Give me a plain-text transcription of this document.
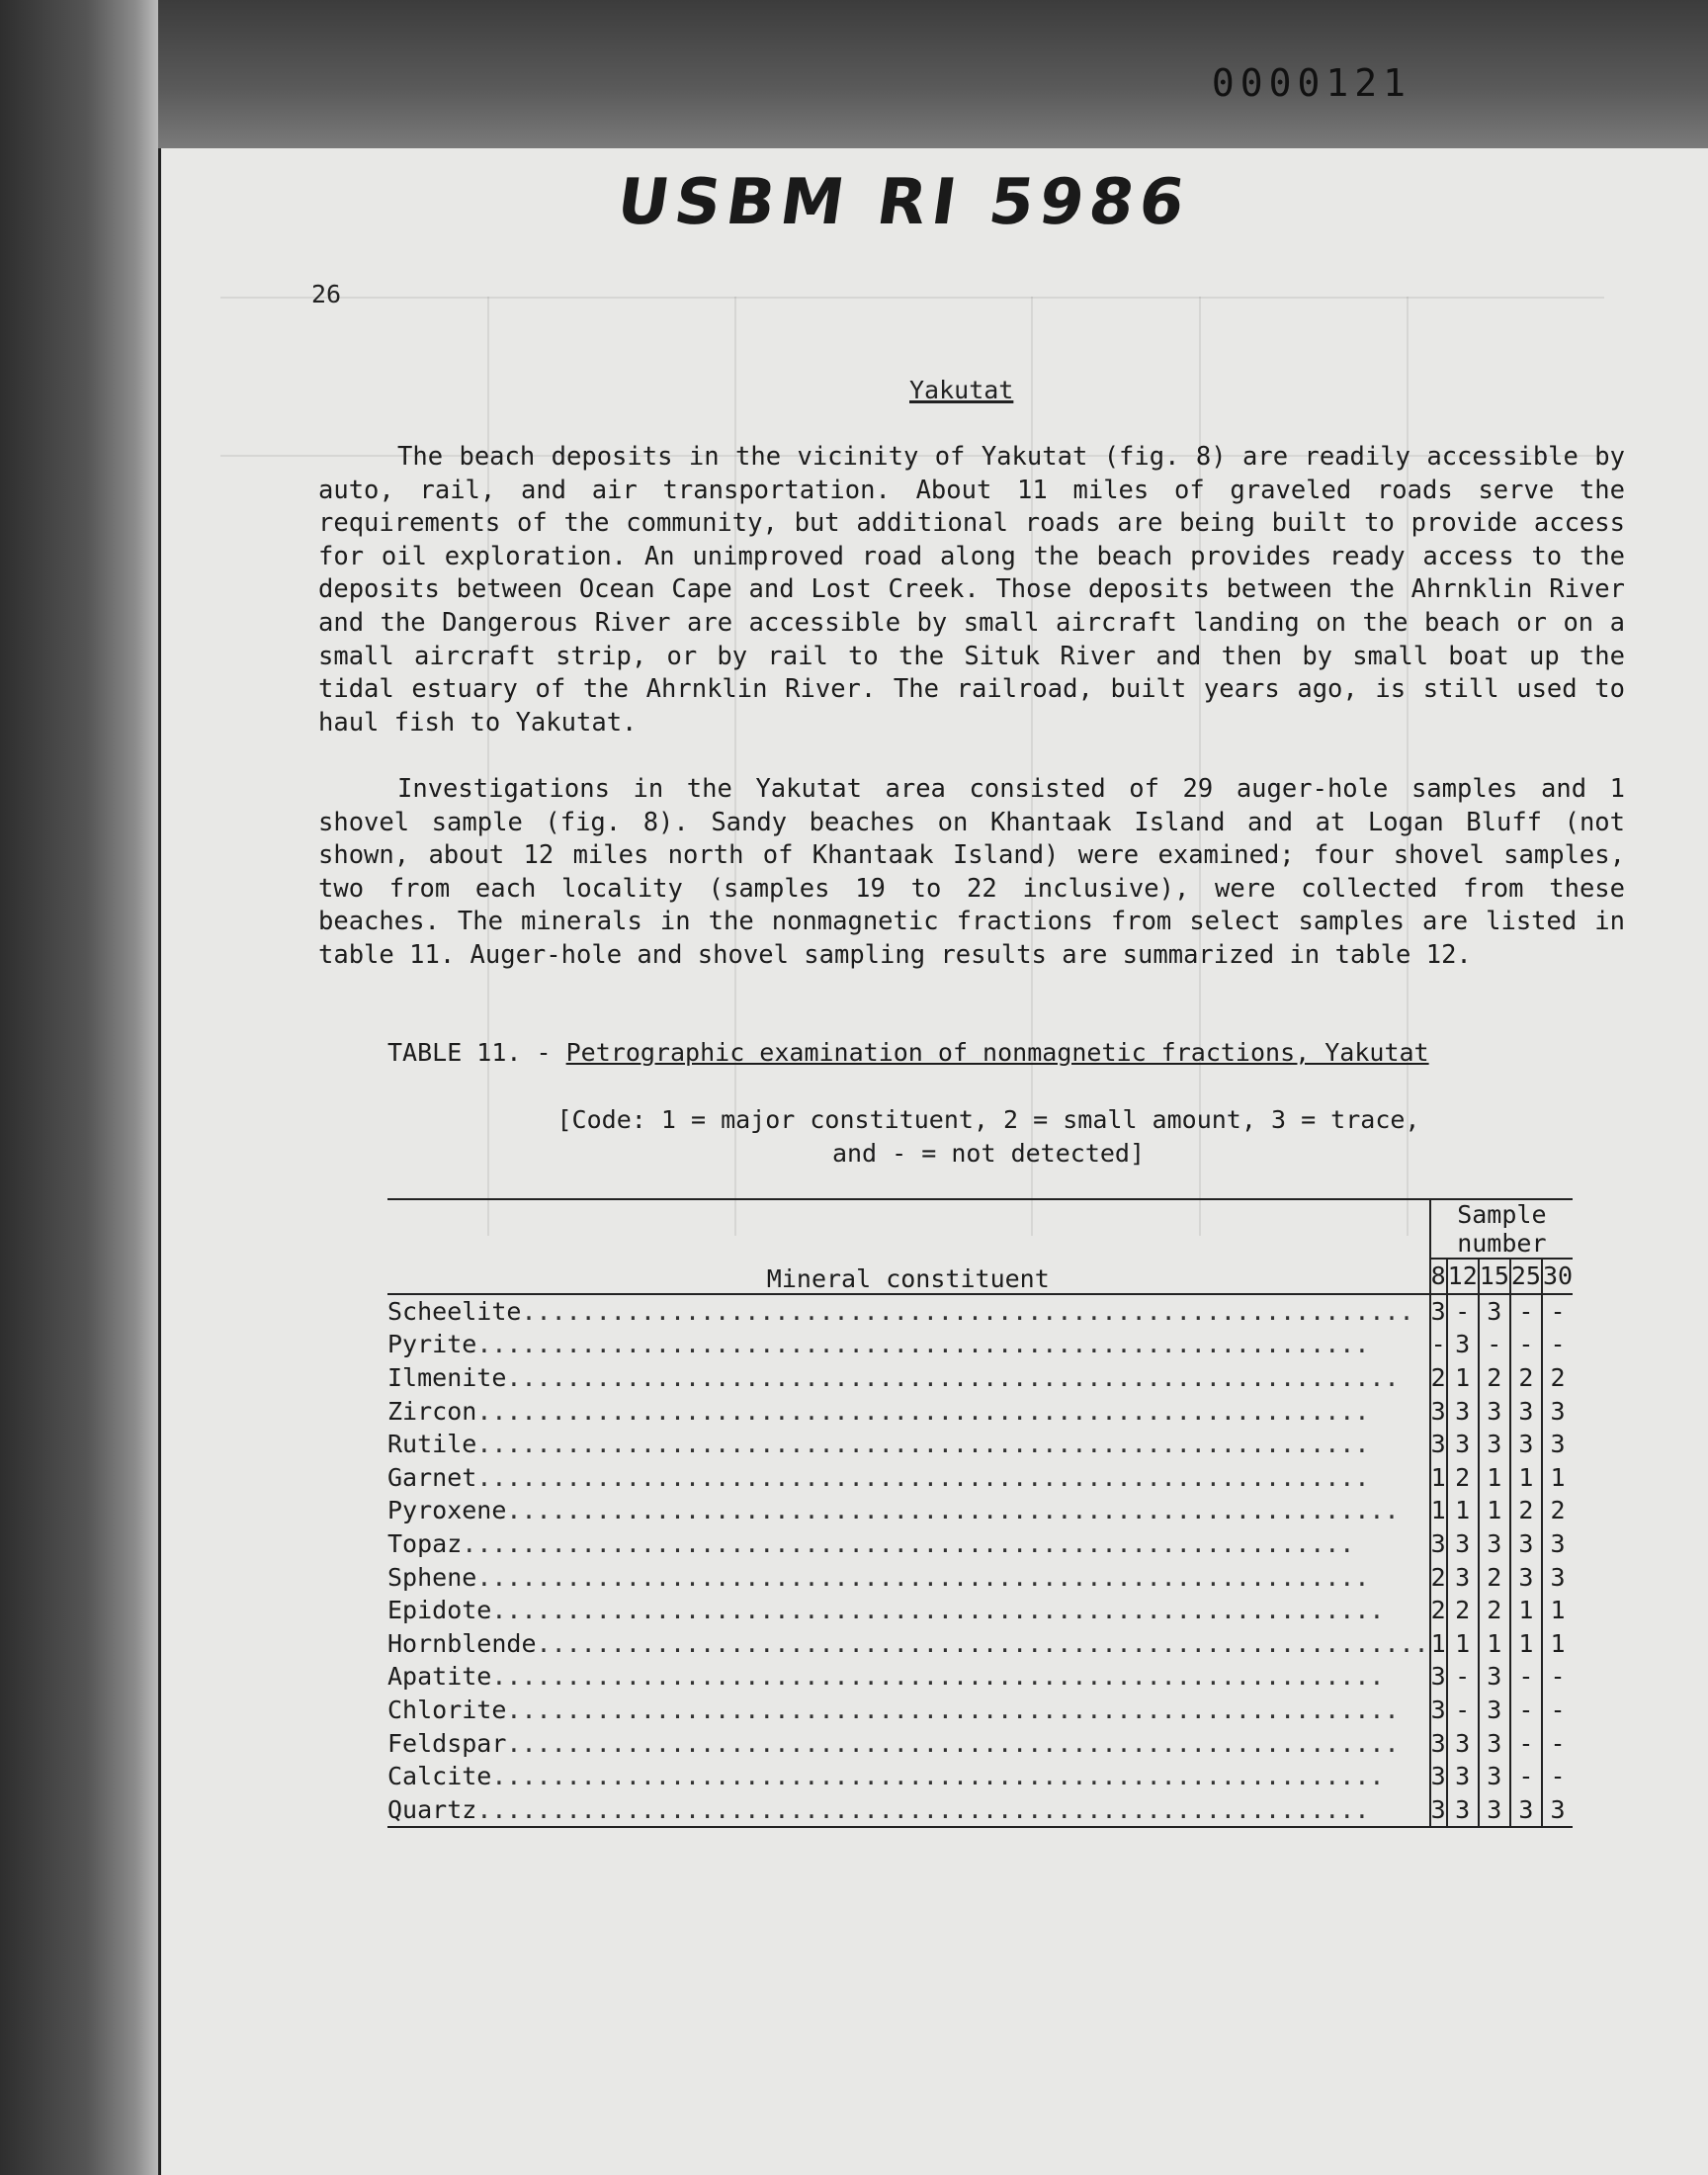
0000121
USBM RI 5986
26
Yakutat
The beach deposits in the vicinity of Yakutat (fig. 8) are readily accessible by auto, rail, and air transportation. About 11 miles of graveled roads serve the requirements of the community, but additional roads are being built to provide access for oil exploration. An unimproved road along the beach provides ready access to the deposits between Ocean Cape and Lost Creek. Those deposits between the Ahrnklin River and the Dangerous River are accessible by small aircraft landing on the beach or on a small aircraft strip, or by rail to the Situk River and then by small boat up the tidal estuary of the Ahrnklin River. The railroad, built years ago, is still used to haul fish to Yakutat.
Investigations in the Yakutat area consisted of 29 auger-hole samples and 1 shovel sample (fig. 8). Sandy beaches on Khantaak Island and at Logan Bluff (not shown, about 12 miles north of Khantaak Island) were examined; four shovel samples, two from each locality (samples 19 to 22 inclusive), were collected from these beaches. The minerals in the nonmagnetic fractions from select samples are listed in table 11. Auger-hole and shovel sampling results are summarized in table 12.
TABLE 11. - Petrographic examination of nonmagnetic fractions, Yakutat
[Code: 1 = major constituent, 2 = small amount, 3 = trace,
and - = not detected]
Mineral constituent	Sample number				
	8	12	15	25	30
Scheelite............................................................	3	-	3	-	-
Pyrite............................................................	-	3	-	-	-
Ilmenite............................................................	2	1	2	2	2
Zircon............................................................	3	3	3	3	3
Rutile............................................................	3	3	3	3	3
Garnet............................................................	1	2	1	1	1
Pyroxene............................................................	1	1	1	2	2
Topaz............................................................	3	3	3	3	3
Sphene............................................................	2	3	2	3	3
Epidote............................................................	2	2	2	1	1
Hornblende............................................................	1	1	1	1	1
Apatite............................................................	3	-	3	-	-
Chlorite............................................................	3	-	3	-	-
Feldspar............................................................	3	3	3	-	-
Calcite............................................................	3	3	3	-	-
Quartz............................................................	3	3	3	3	3
